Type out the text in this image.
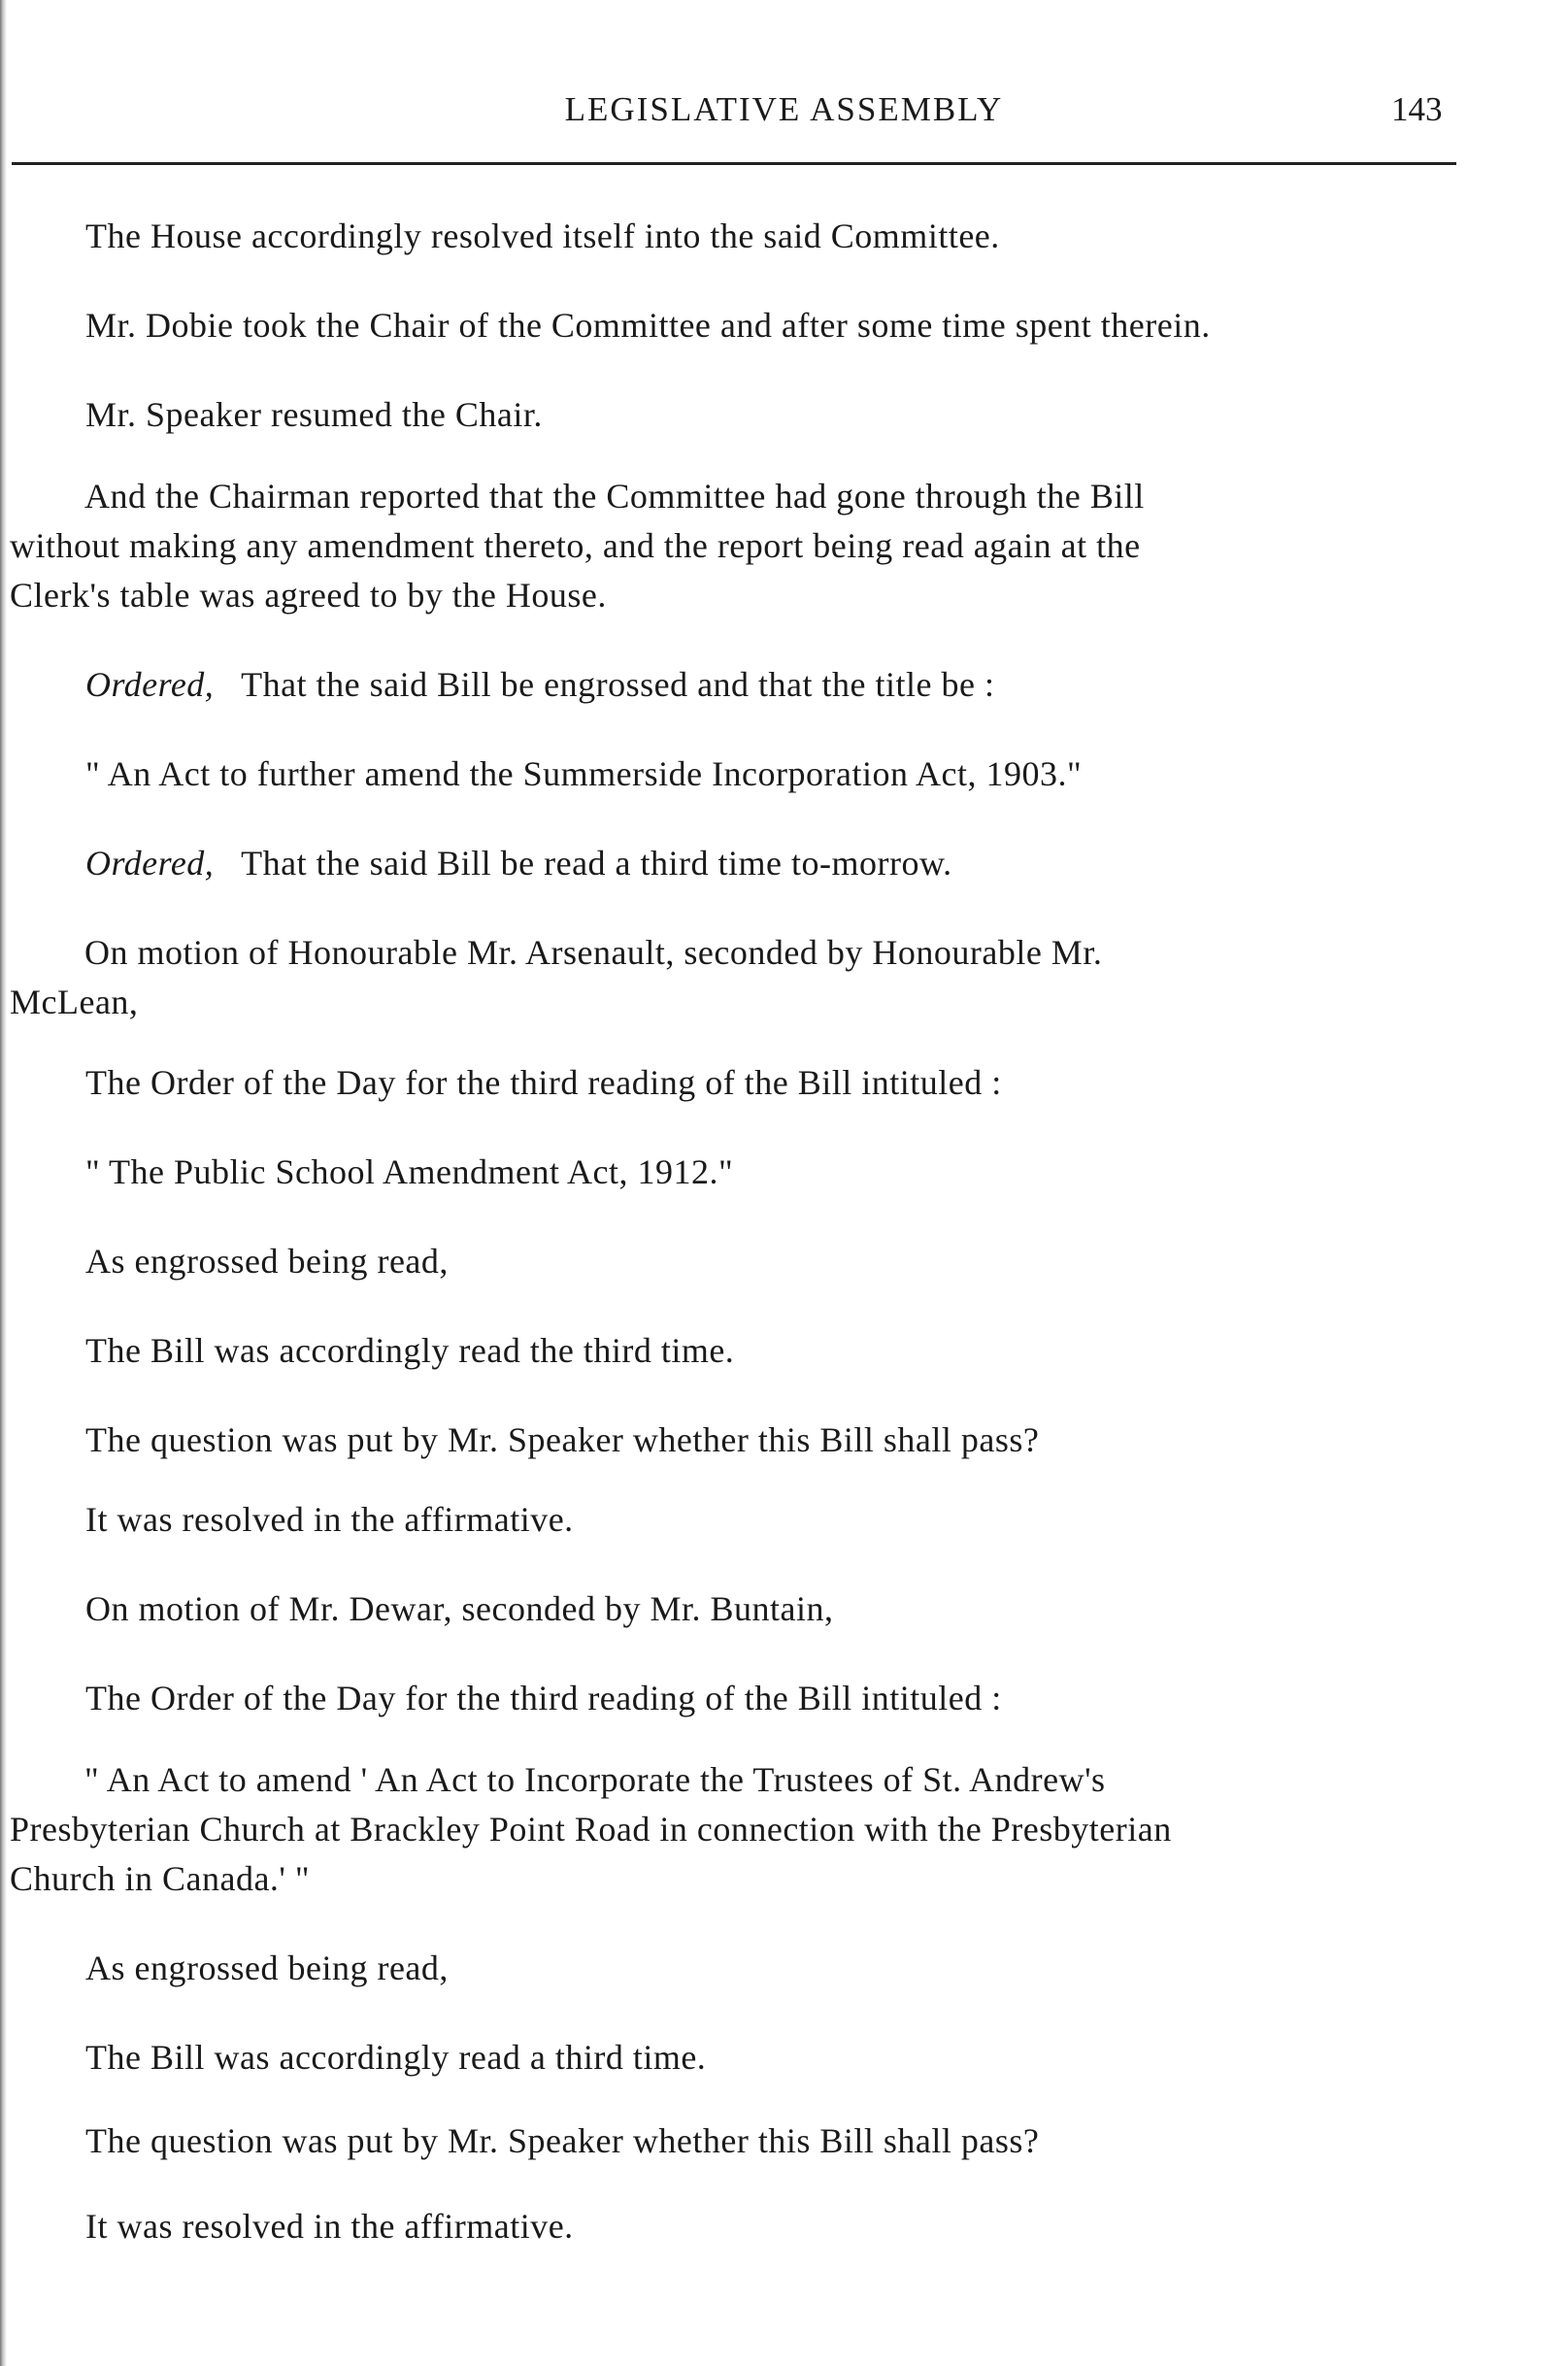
LEGISLATIVE ASSEMBLY	143

The House accordingly resolved itself into the said Committee.

Mr. Dobie took the Chair of the Committee and after some time spent therein.

Mr. Speaker resumed the Chair.

And the Chairman reported that the Committee had gone through the Bill
without making any amendment thereto, and the report being read again at the
Clerk's table was agreed to by the House.

Ordered, That the said Bill be engrossed and that the title be :

" An Act to further amend the Summerside Incorporation Act, 1903."

Ordered, That the said Bill be read a third time to-morrow.

On motion of Honourable Mr. Arsenault, seconded by Honourable Mr.
McLean,

The Order of the Day for the third reading of the Bill intituled :

" The Public School Amendment Act, 1912."

As engrossed being read,

The Bill was accordingly read the third time.

The question was put by Mr. Speaker whether this Bill shall pass?

It was resolved in the affirmative.

On motion of Mr. Dewar, seconded by Mr. Buntain,

The Order of the Day for the third reading of the Bill intituled :

" An Act to amend ' An Act to Incorporate the Trustees of St. Andrew's
Presbyterian Church at Brackley Point Road in connection with the Presbyterian
Church in Canada.' "

As engrossed being read,

The Bill was accordingly read a third time.

The question was put by Mr. Speaker whether this Bill shall pass?

It was resolved in the affirmative.
